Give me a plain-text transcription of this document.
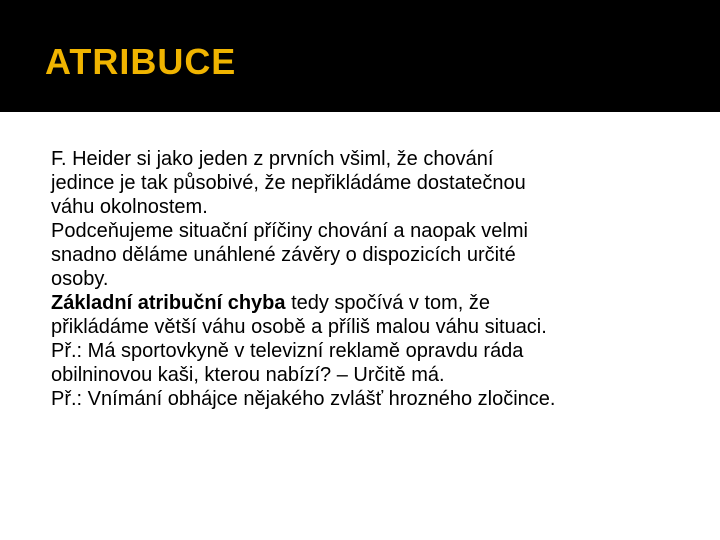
ATRIBUCE
F. Heider si jako jeden z prvních všiml, že chování
jedince je tak působivé, že nepřikládáme dostatečnou
váhu okolnostem.
Podceňujeme situační příčiny chování a naopak velmi
snadno děláme unáhlené závěry o dispozicích určité
osoby.
Základní atribuční chyba tedy spočívá v tom, že
přikládáme větší váhu osobě a příliš malou váhu situaci.
Př.: Má sportovkyně v televizní reklamě opravdu ráda
obilninovou kaši, kterou nabízí? – Určitě má.
Př.: Vnímání obhájce nějakého zvlášť hrozného zločince.
